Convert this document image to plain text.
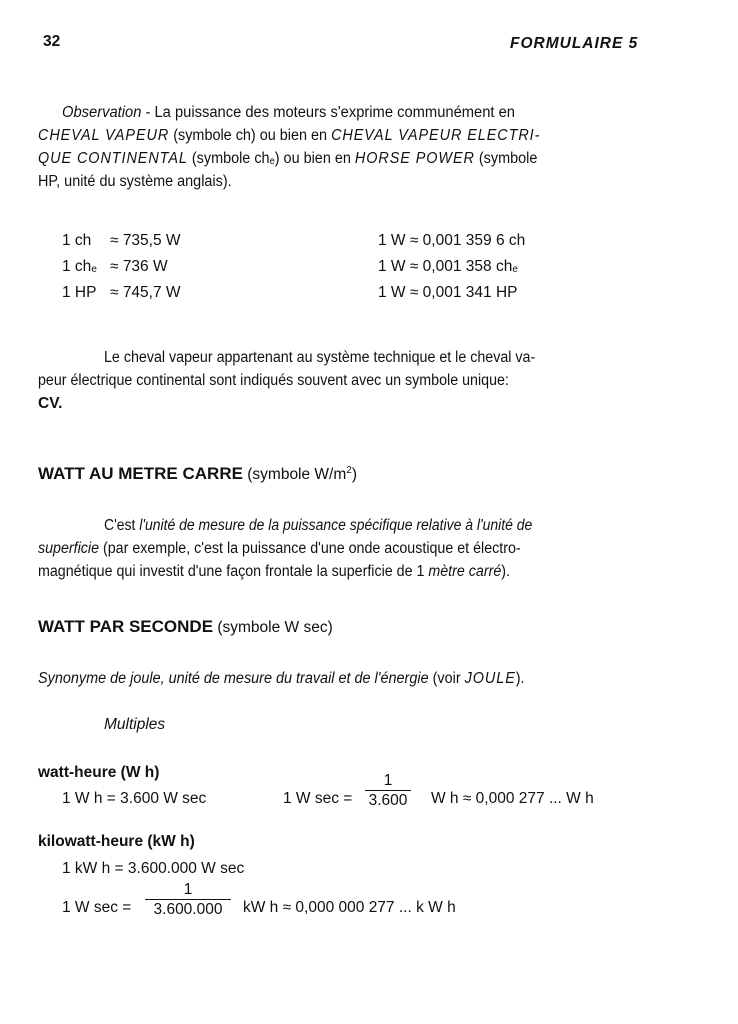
32	FORMULAIRE 5
Observation - La puissance des moteurs s'exprime communément en
CHEVAL VAPEUR (symbole ch) ou bien en CHEVAL VAPEUR ELECTRI-
QUE CONTINENTAL (symbole $ch_e$) ou bien en HORSE POWER (symbole
HP, unité du système anglais).
1 ch ≈ 735,5 W	1 W ≈ 0,001 359 6 ch
1 $ch_e \approx 736$ W	1 W ≈ 0,001 358 $ch_e$
1 HP ≈ 745,7 W	1 W ≈ 0,001 341 HP
Le cheval vapeur appartenant au système technique et le cheval va-
peur électrique continental sont indiqués souvent avec un symbole unique:
CV.
WATT AU METRE CARRE (symbole $W/m^2$)
C'est l'unité de mesure de la puissance spécifique relative à l'unité de
superficie (par exemple, c'est la puissance d'une onde acoustique et électro-
magnétique qui investit d'une façon frontale la superficie de 1 mètre carré).
WATT PAR SECONDE (symbole W sec)
Synonyme de joule, unité de mesure du travail et de l'énergie (voir JOULE).
Multiples
watt-heure (W h)
1 W h = 3.600 W sec	1 W sec =
1
3.600 W h ≈ 0,000 277 ... W h
kilowatt-heure (kW h)
1 kW h = 3.600.000 W sec
1 W sec =
1
3.600.000	kW h ≈ 0,000 000 277 ... k W h
